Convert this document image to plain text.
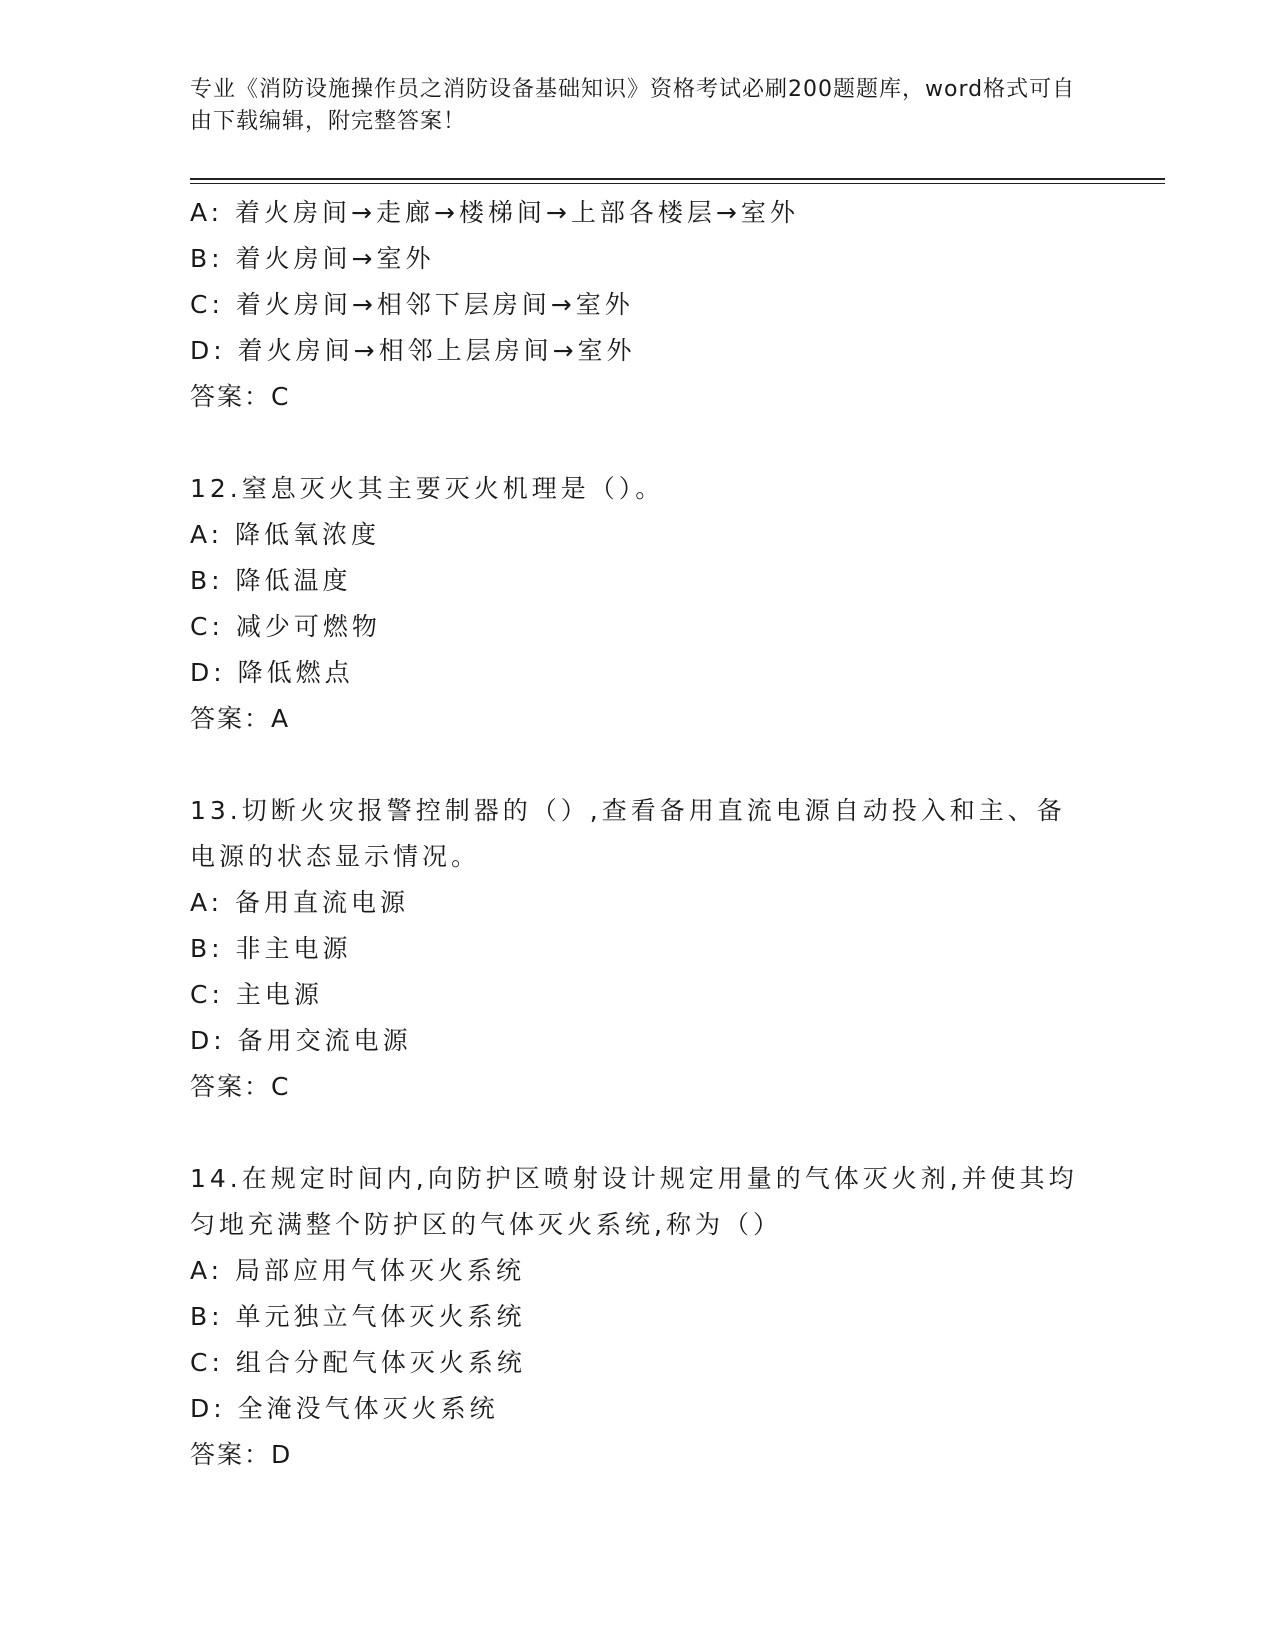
专业《消防设施操作员之消防设备基础知识》资格考试必刷200题题库，word格式可自由下载编辑，附完整答案！
A: 着火房间→走廊→楼梯间→上部各楼层→室外
B: 着火房间→室外
C: 着火房间→相邻下层房间→室外
D: 着火房间→相邻上层房间→室外
答案：C
12.窒息灭火其主要灭火机理是（）。
A: 降低氧浓度
B: 降低温度
C: 减少可燃物
D: 降低燃点
答案：A
13.切断火灾报警控制器的（）,查看备用直流电源自动投入和主、备电源的状态显示情况。
A: 备用直流电源
B: 非主电源
C: 主电源
D: 备用交流电源
答案：C
14.在规定时间内,向防护区喷射设计规定用量的气体灭火剂,并使其均匀地充满整个防护区的气体灭火系统,称为（）
A: 局部应用气体灭火系统
B: 单元独立气体灭火系统
C: 组合分配气体灭火系统
D: 全淹没气体灭火系统
答案：D
